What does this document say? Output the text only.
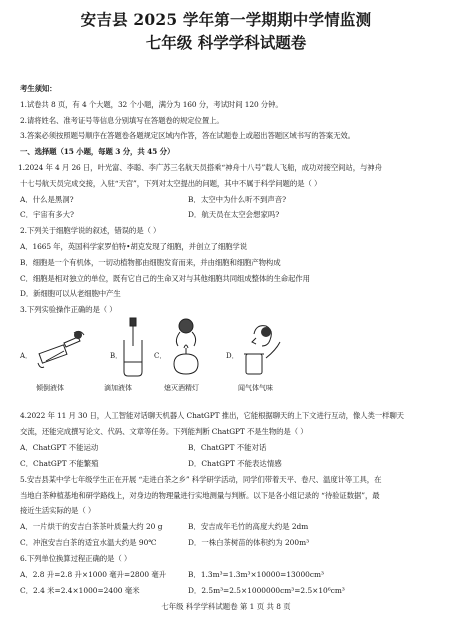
安吉县 2025 学年第一学期期中学情监测
七年级 科学学科试题卷
考生须知：
1.试卷共 8 页，有 4 个大题，32 个小题，满分为 160 分，考试时间 120 分钟。
2.请将姓名、准考证号等信息分别填写在答题卷的规定位置上。
3.答案必须按照题号顺序在答题卷各题规定区域内作答，答在试题卷上或超出答题区域书写的答案无效。
一、选择题（15 小题，每题 3 分，共 45 分）
1.2024 年 4 月 26 日，叶光富、李聪、李广苏三名航天员搭乘“神舟十八号”载人飞船，成功对接空间站，与神舟
十七号航天员完成交接，入驻“天宫”，下列对太空提出的问题，其中不属于科学问题的是（ ）
A．什么是黑洞?	B．太空中为什么听不到声音?
C．宇宙有多大?	D．航天员在太空会想家吗?
2.下列关于细胞学说的叙述，错误的是（ ）
A．1665 年，英国科学家罗伯特•胡克发现了细胞，并创立了细胞学说
B．细胞是一个有机体，一切动植物都由细胞发育而来，并由细胞和细胞产物构成
C．细胞是相对独立的单位，既有它自己的生命又对与其他细胞共同组成整体的生命起作用
D．新细胞可以从老细胞中产生
3.下列实验操作正确的是（ ）
A．
倾倒液体
B．
滴加液体
C．
熄灭酒精灯
D．
闻气体气味
4.2022 年 11 月 30 日，人工智能对话聊天机器人 ChatGPT 推出，它能根据聊天的上下文进行互动，像人类一样聊天
交流，还能完成撰写论文、代码、文章等任务。下列能判断 ChatGPT 不是生物的是（ ）
A．ChatGPT 不能运动	B．ChatGPT 不能对话
C．ChatGPT 不能繁殖	D．ChatGPT 不能表达情感
5.安吉县某中学七年级学生正在开展 “走进白茶之乡” 科学研学活动，同学们带着天平、卷尺、温度计等工具，在
当地白茶种植基地和研学路线上，对身边的物理量进行实地测量与判断。以下是各小组记录的 “待验证数据”，最
接近生活实际的是（ ）
A．一片烘干的安吉白茶茶叶质量大约 20 g	B．安吉成年毛竹的高度大约是 2dm
C．冲泡安吉白茶的适宜水温大约是 90℃	D．一株白茶树苗的体积约为 200m³
6.下列单位换算过程正确的是（ ）
A．2.8 升=2.8 升×1000 毫升=2800 毫升	B．1.3m³=1.3m³×10000=13000cm³
C．2.4 米=2.4×1000=2400 毫米	D．2.5m³=2.5×1000000cm³=2.5×10⁶cm³
七年级 科学学科试题卷 第 1 页 共 8 页
